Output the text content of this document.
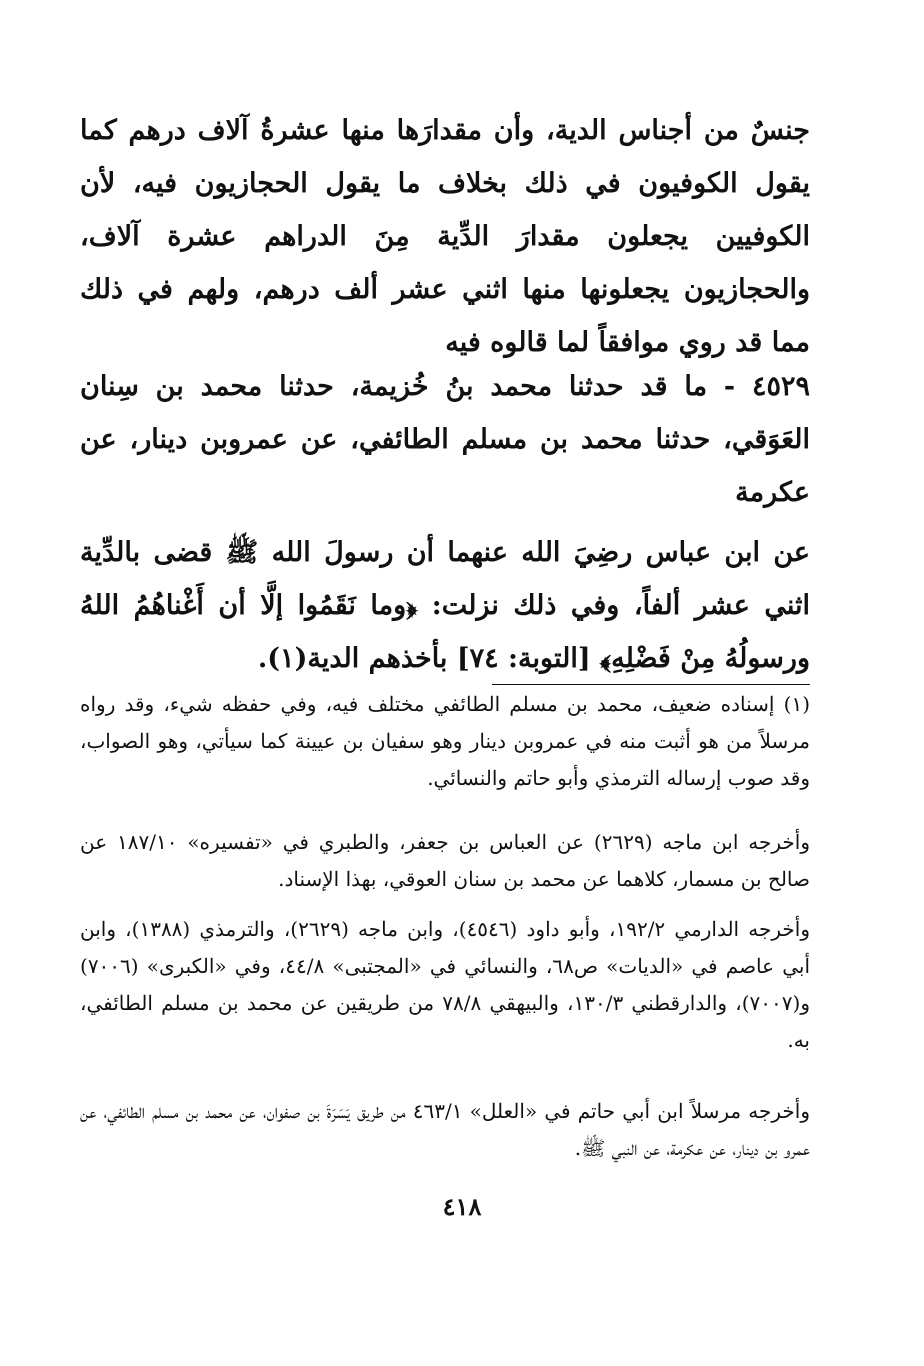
جنسٌ من أجناس الدية، وأن مقدارَها منها عشرةُ آلاف درهم كما يقول الكوفيون في ذلك بخلاف ما يقول الحجازيون فيه، لأن الكوفيين يجعلون مقدارَ الدِّية مِنَ الدراهم عشرة آلاف، والحجازيون يجعلونها منها اثني عشر ألف درهم، ولهم في ذلك مما قد روي موافقاً لما قالوه فيه

٤٥٢٩ - ما قد حدثنا محمد بنُ خُزيمة، حدثنا محمد بن سِنان العَوَقي، حدثنا محمد بن مسلم الطائفي، عن عمروبن دينار، عن عكرمة

عن ابن عباس رضِيَ الله عنهما أن رسولَ الله ﷺ قضى بالدِّية اثني عشر ألفاً، وفي ذلك نزلت: ﴿وما نَقَمُوا إلَّا أن أَغْناهُمُ اللهُ ورسولُهُ مِنْ فَضْلِهِ﴾ [التوبة: ٧٤] بأخذهم الدية(١).

(١) إسناده ضعيف، محمد بن مسلم الطائفي مختلف فيه، وفي حفظه شيء، وقد رواه مرسلاً من هو أثبت منه في عمروبن دينار وهو سفيان بن عيينة كما سيأتي، وهو الصواب، وقد صوب إرساله الترمذي وأبو حاتم والنسائي.

وأخرجه ابن ماجه (٢٦٢٩) عن العباس بن جعفر، والطبري في «تفسيره» ١٨٧/١٠ عن صالح بن مسمار، كلاهما عن محمد بن سنان العوقي، بهذا الإسناد.

وأخرجه الدارمي ١٩٢/٢، وأبو داود (٤٥٤٦)، وابن ماجه (٢٦٢٩)، والترمذي (١٣٨٨)، وابن أبي عاصم في «الديات» ص٦٨، والنسائي في «المجتبى» ٤٤/٨، وفي «الكبرى» (٧٠٠٦) و(٧٠٠٧)، والدارقطني ١٣٠/٣، والبيهقي ٧٨/٨ من طريقين عن محمد بن مسلم الطائفي، به.

وأخرجه مرسلاً ابن أبي حاتم في «العلل» ٤٦٣/١ من طريق يَسَرَةَ بن صفوان، عن محمد بن مسلم الطائفي، عن عمرو بن دينار، عن عكرمة، عن النبي ﷺ.

٤١٨
